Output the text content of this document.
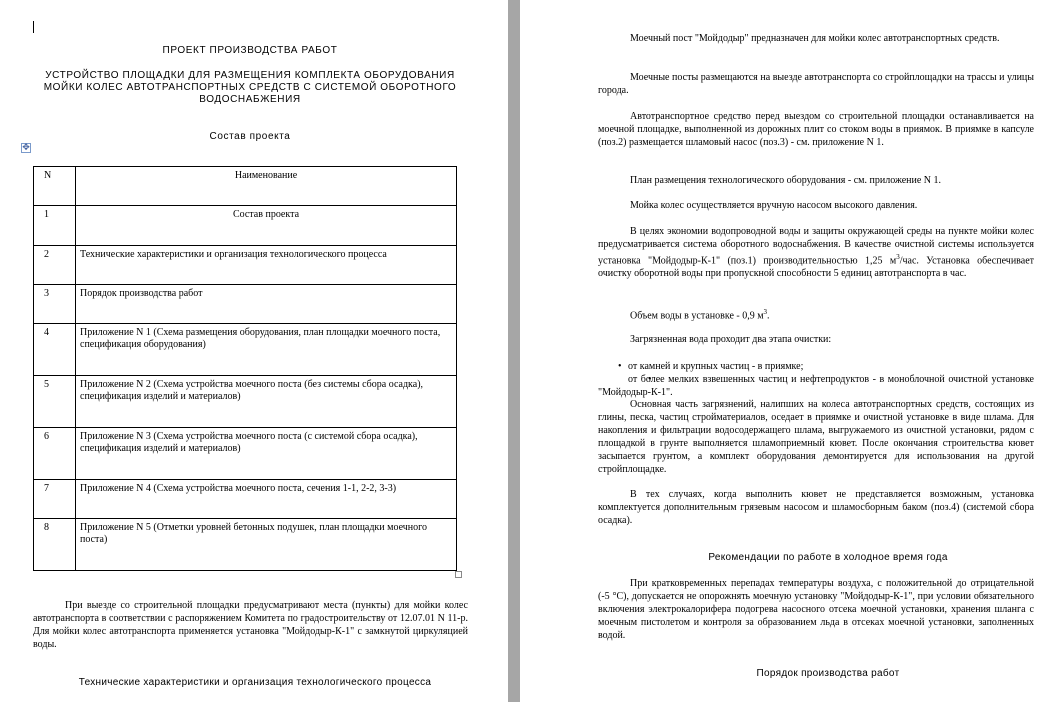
ПРОЕКТ ПРОИЗВОДСТВА РАБОТ
УСТРОЙСТВО ПЛОЩАДКИ ДЛЯ РАЗМЕЩЕНИЯ КОМПЛЕКТА ОБОРУДОВАНИЯ
МОЙКИ КОЛЕС АВТОТРАНСПОРТНЫХ СРЕДСТВ С СИСТЕМОЙ ОБОРОТНОГО
ВОДОСНАБЖЕНИЯ
Состав проекта
✥
N	Наименование
1	Состав проекта
2	Технические характеристики и организация технологического процесса
3	Порядок производства работ
4	Приложение N 1 (Схема размещения оборудования, план площадки моечного поста, спецификация оборудования)
5	Приложение N 2 (Схема устройства моечного поста (без системы сбора осадка), спецификация изделий и материалов)
6	Приложение N 3 (Схема устройства моечного поста (с системой сбора осадка), спецификация изделий и материалов)
7	Приложение N 4 (Схема устройства моечного поста, сечения 1-1, 2-2, 3-3)
8	Приложение N 5 (Отметки уровней бетонных подушек, план площадки моечного поста)
При выезде со строительной площадки предусматривают места (пункты) для мойки колес автотранспорта в соответствии с распоряжением Комитета по градостроительству от 12.07.01 N 11-р. Для мойки колес автотранспорта применяется установка "Мойдодыр-К-1" с замкнутой циркуляцией воды.
Технические характеристики и организация технологического процесса
Моечный пост "Мойдодыр" предназначен для мойки колес автотранспортных средств.
Моечные посты размещаются на выезде автотранспорта со стройплощадки на трассы и улицы города.
Автотранспортное средство перед выездом со строительной площадки останавливается на моечной площадке, выполненной из дорожных плит со стоком воды в приямок. В приямке в капсуле (поз.2) размещается шламовый насос (поз.3) - см. приложение N 1.
План размещения технологического оборудования - см. приложение N 1.
Мойка колес осуществляется вручную насосом высокого давления.
В целях экономии водопроводной воды и защиты окружающей среды на пункте мойки колес предусматривается система оборотного водоснабжения. В качестве очистной системы используется установка "Мойдодыр-К-1" (поз.1) производительностью 1,25 $м^3$/час. Установка обеспечивает очистку оборотной воды при пропускной способности 5 единиц автотранспорта в час.
Объем воды в установке - 0,9 $м^3$.
Загрязненная вода проходит два этапа очистки:
• от камней и крупных частиц - в приямке;
• от более мелких взвешенных частиц и нефтепродуктов - в моноблочной очистной установке "Мойдодыр-К-1".
Основная часть загрязнений, налипших на колеса автотранспортных средств, состоящих из глины, песка, частиц стройматериалов, оседает в приямке и очистной установке в виде шлама. Для накопления и фильтрации водосодержащего шлама, выгружаемого из очистной установки, рядом с площадкой в грунте выполняется шламоприемный кювет. После окончания строительства кювет засыпается грунтом, а комплект оборудования демонтируется для использования на другой стройплощадке.
В тех случаях, когда выполнить кювет не представляется возможным, установка комплектуется дополнительным грязевым насосом и шламосборным баком (поз.4) (системой сбора осадка).
Рекомендации по работе в холодное время года
При кратковременных перепадах температуры воздуха, с положительной до отрицательной (-5 °С), допускается не опорожнять моечную установку "Мойдодыр-К-1", при условии обязательного включения электрокалорифера подогрева насосного отсека моечной установки, хранения шланга с моечным пистолетом и контроля за образованием льда в отсеках моечной установки, заполненных водой.
Порядок производства работ
